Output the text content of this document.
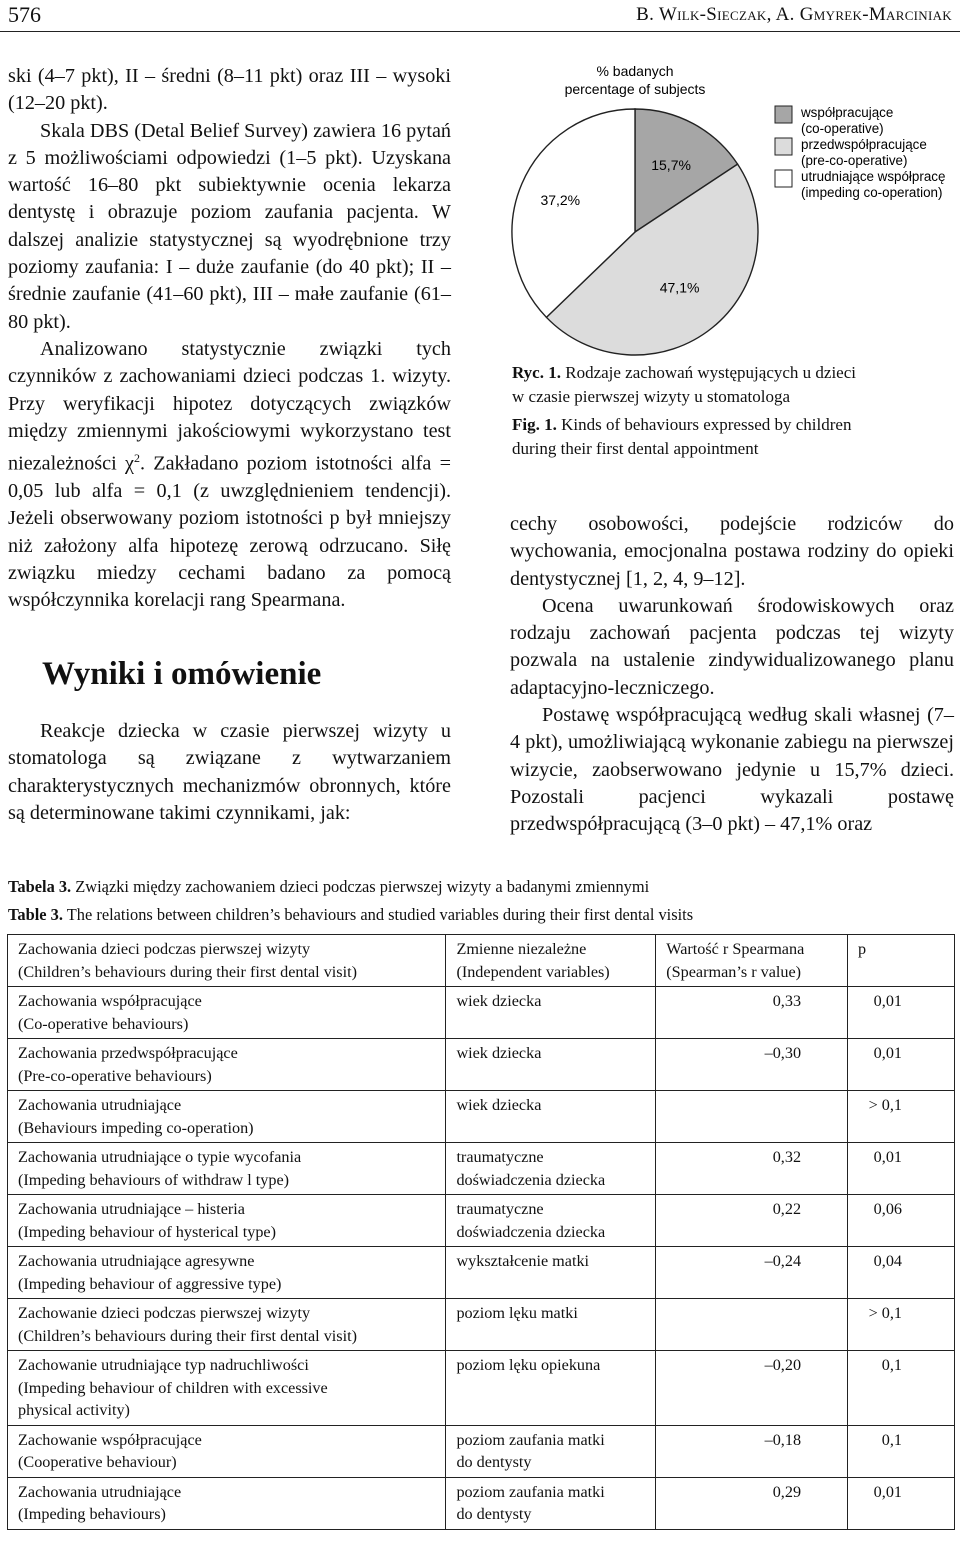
576	B. Wilk-Sieczak, A. Gmyrek-Marciniak

ski (4–7 pkt), II – średni (8–11 pkt) oraz III – wysoki (12–20 pkt).

Skala DBS (Detal Belief Survey) zawiera 16 pytań z 5 możliwościami odpowiedzi (1–5 pkt). Uzyskana wartość 16–80 pkt subiektywnie ocenia lekarza dentystę i obrazuje poziom zaufania pacjenta. W dalszej analizie statystycznej są wyodrębnione trzy poziomy zaufania: I – duże zaufanie (do 40 pkt); II – średnie zaufanie (41–60 pkt), III – małe zaufanie (61–80 pkt).

Analizowano statystycznie związki tych czynników z zachowaniami dzieci podczas 1. wizyty. Przy weryfikacji hipotez dotyczących związków między zmiennymi jakościowymi wykorzystano test niezależności $\chi^2$. Zakładano poziom istotności alfa = 0,05 lub alfa = 0,1 (z uwzględnieniem tendencji). Jeżeli obserwowany poziom istotności p był mniejszy niż założony alfa hipotezę zerową odrzucano. Siłę związku miedzy cechami badano za pomocą współczynnika korelacji rang Spearmana.

Wyniki i omówienie

Reakcje dziecka w czasie pierwszej wizyty u stomatologa są związane z wytwarzaniem charakterystycznych mechanizmów obronnych, które są determinowane takimi czynnikami, jak:

% badanych
percentage of subjects
15,7%
47,1%
37,2%
współpracujące
(co-operative)
przedwspółpracujące
(pre-co-operative)
utrudniające współpracę
(impeding co-operation)
Ryc. 1. Rodzaje zachowań występujących u dzieci
w czasie pierwszej wizyty u stomatologa
Fig. 1. Kinds of behaviours expressed by children
during their first dental appointment

cechy osobowości, podejście rodziców do wychowania, emocjonalna postawa rodziny do opieki dentystycznej [1, 2, 4, 9–12].

Ocena uwarunkowań środowiskowych oraz rodzaju zachowań pacjenta podczas tej wizyty pozwala na ustalenie zindywidualizowanego planu adaptacyjno-leczniczego.

Postawę współpracującą według skali własnej (7–4 pkt), umożliwiającą wykonanie zabiegu na pierwszej wizycie, zaobserwowano jedynie u 15,7% dzieci. Pozostali pacjenci wykazali postawę przedwspółpracującą (3–0 pkt) – 47,1% oraz

Tabela 3. Związki między zachowaniem dzieci podczas pierwszej wizyty a badanymi zmiennymi
Table 3. The relations between children’s behaviours and studied variables during their first dental visits
Zachowania dzieci podczas pierwszej wizyty
(Children’s behaviours during their first dental visit)	Zmienne niezależne
(Independent variables)	Wartość r Spearmana
(Spearman’s r value)	p
Zachowania współpracujące
(Co-operative behaviours)	wiek dziecka	0,33	0,01

Zachowania przedwspółpracujące
(Pre-co-operative behaviours)	wiek dziecka	–0,30	0,01

Zachowania utrudniające
(Behaviours impeding co-operation)	wiek dziecka		> 0,1

Zachowania utrudniające o typie wycofania
(Impeding behaviours of withdraw l type)	traumatyczne
doświadczenia dziecka	0,32	0,01

Zachowania utrudniające – histeria
(Impeding behaviour of hysterical type)	traumatyczne
doświadczenia dziecka	0,22	0,06

Zachowania utrudniające agresywne
(Impeding behaviour of aggressive type)	wykształcenie matki	–0,24	0,04

Zachowanie dzieci podczas pierwszej wizyty
(Children’s behaviours during their first dental visit)	poziom lęku matki		> 0,1

Zachowanie utrudniające typ nadruchliwości
(Impeding behaviour of children with excessive
physical activity)	poziom lęku opiekuna	–0,20	0,1

Zachowanie współpracujące
(Cooperative behaviour)	poziom zaufania matki
do dentysty	–0,18	0,1

Zachowania utrudniające
(Impeding behaviours)	poziom zaufania matki
do dentysty	0,29	0,01
